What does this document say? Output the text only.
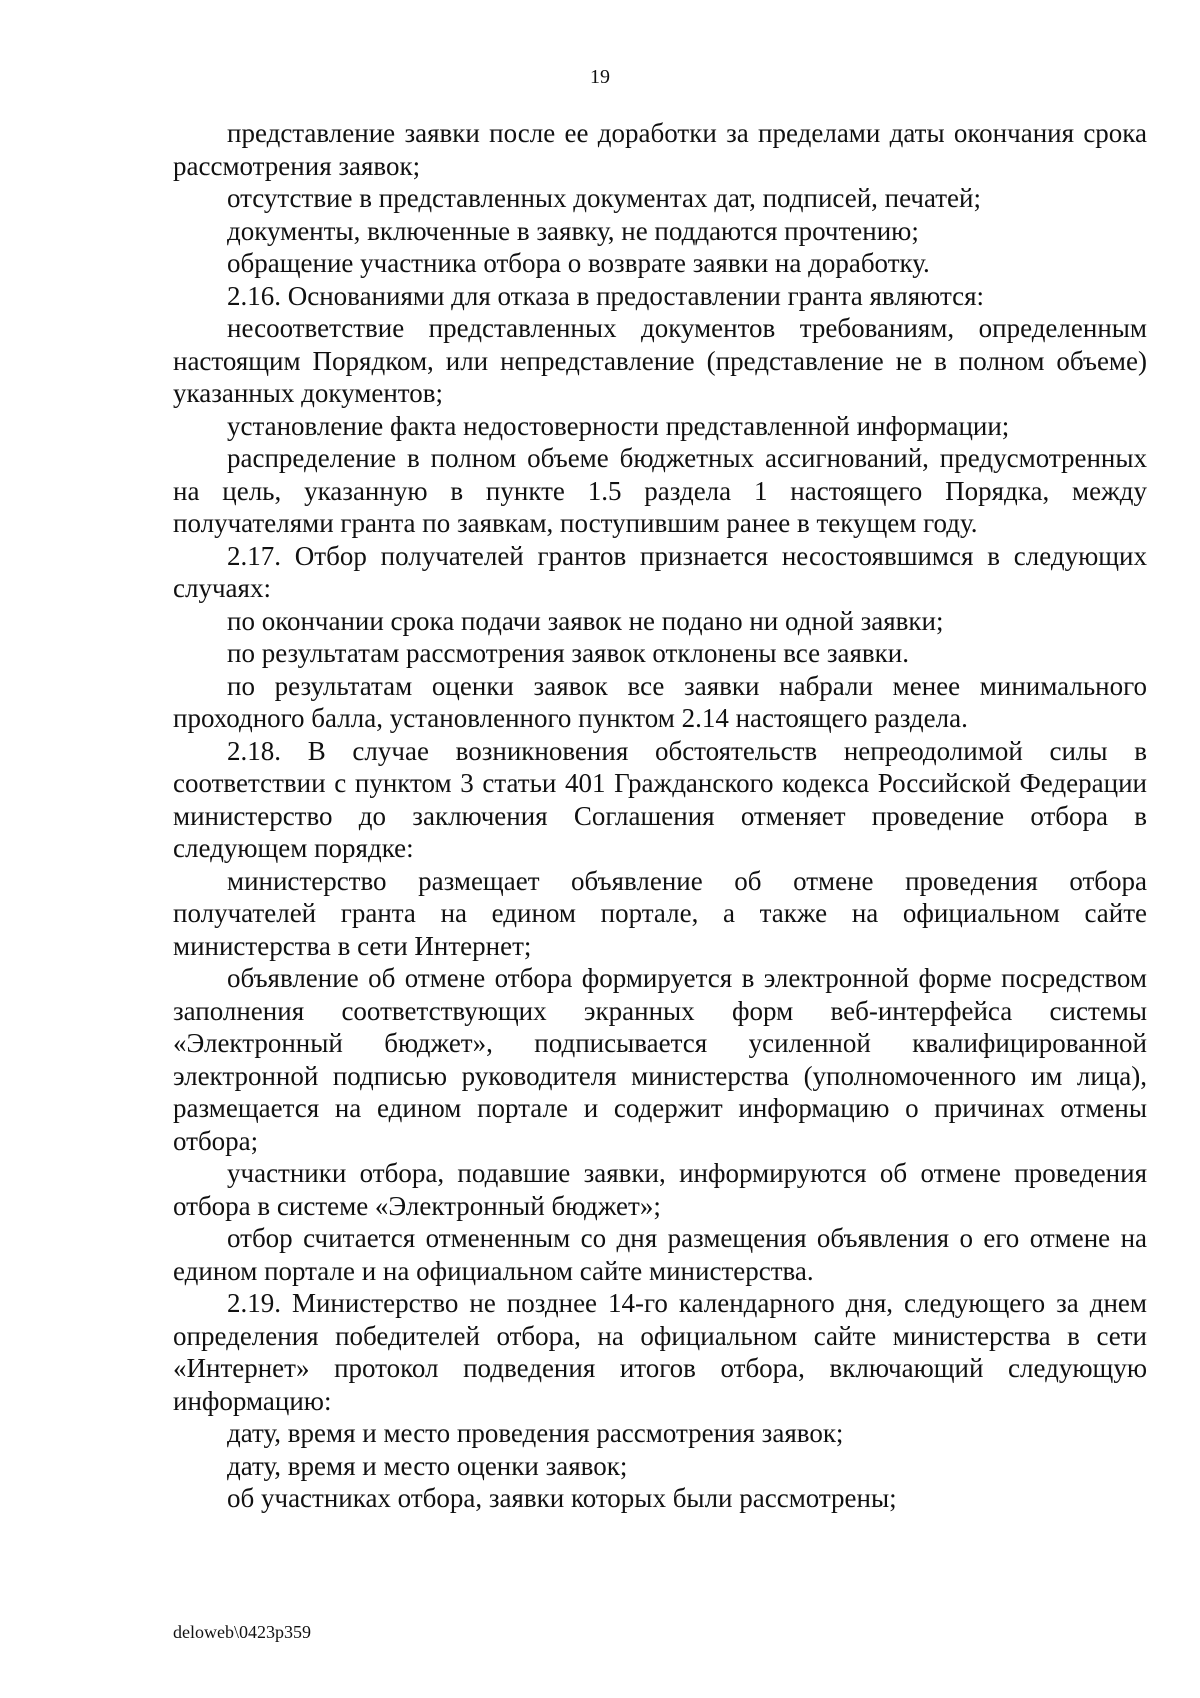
19

представление заявки после ее доработки за пределами даты окончания срока рассмотрения заявок;

отсутствие в представленных документах дат, подписей, печатей;

документы, включенные в заявку, не поддаются прочтению;

обращение участника отбора о возврате заявки на доработку.

2.16. Основаниями для отказа в предоставлении гранта являются:

несоответствие представленных документов требованиям, определенным настоящим Порядком, или непредставление (представление не в полном объеме) указанных документов;

установление факта недостоверности представленной информации;

распределение в полном объеме бюджетных ассигнований, предусмотренных на цель, указанную в пункте 1.5 раздела 1 настоящего Порядка, между получателями гранта по заявкам, поступившим ранее в текущем году.

2.17. Отбор получателей грантов признается несостоявшимся в следующих случаях:

по окончании срока подачи заявок не подано ни одной заявки;

по результатам рассмотрения заявок отклонены все заявки.

по результатам оценки заявок все заявки набрали менее минимального проходного балла, установленного пунктом 2.14 настоящего раздела.

2.18. В случае возникновения обстоятельств непреодолимой силы в соответствии с пунктом 3 статьи 401 Гражданского кодекса Российской Федерации министерство до заключения Соглашения отменяет проведение отбора в следующем порядке:

министерство размещает объявление об отмене проведения отбора получателей гранта на едином портале, а также на официальном сайте министерства в сети Интернет;

объявление об отмене отбора формируется в электронной форме посредством заполнения соответствующих экранных форм веб-интерфейса системы «Электронный бюджет», подписывается усиленной квалифицированной электронной подписью руководителя министерства (уполномоченного им лица), размещается на едином портале и содержит информацию о причинах отмены отбора;

участники отбора, подавшие заявки, информируются об отмене проведения отбора в системе «Электронный бюджет»;

отбор считается отмененным со дня размещения объявления о его отмене на едином портале и на официальном сайте министерства.

2.19. Министерство не позднее 14-го календарного дня, следующего за днем определения победителей отбора, на официальном сайте министерства в сети «Интернет» протокол подведения итогов отбора, включающий следующую информацию:

дату, время и место проведения рассмотрения заявок;

дату, время и место оценки заявок;

об участниках отбора, заявки которых были рассмотрены;

deloweb\0423p359
